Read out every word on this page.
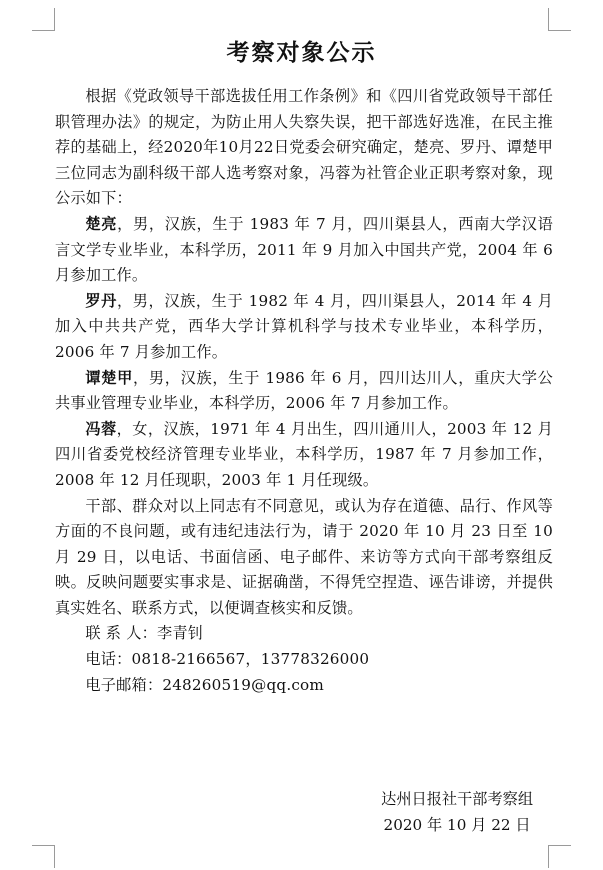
考察对象公示

根据《党政领导干部选拔任用工作条例》和《四川省党政领导干部任职管理办法》的规定，为防止用人失察失误，把干部选好选准，在民主推荐的基础上，经2020年10月22日党委会研究确定，楚亮、罗丹、谭楚甲三位同志为副科级干部人选考察对象，冯蓉为社管企业正职考察对象，现公示如下：

楚亮，男，汉族，生于 1983 年 7 月，四川渠县人，西南大学汉语言文学专业毕业，本科学历，2011 年 9 月加入中国共产党，2004 年 6 月参加工作。

罗丹，男，汉族，生于 1982 年 4 月，四川渠县人，2014 年 4 月加入中共共产党，西华大学计算机科学与技术专业毕业，本科学历，2006 年 7 月参加工作。

谭楚甲，男，汉族，生于 1986 年 6 月，四川达川人，重庆大学公共事业管理专业毕业，本科学历，2006 年 7 月参加工作。

冯蓉，女，汉族，1971 年 4 月出生，四川通川人，2003 年 12 月四川省委党校经济管理专业毕业，本科学历，1987 年 7 月参加工作，2008 年 12 月任现职，2003 年 1 月任现级。

干部、群众对以上同志有不同意见，或认为存在道德、品行、作风等方面的不良问题，或有违纪违法行为，请于 2020 年 10 月 23 日至 10 月 29 日，以电话、书面信函、电子邮件、来访等方式向干部考察组反映。反映问题要实事求是、证据确凿，不得凭空捏造、诬告诽谤，并提供真实姓名、联系方式，以便调查核实和反馈。

联 系 人：李青钊

电话：0818-2166567，13778326000

电子邮箱：248260519@qq.com

达州日报社干部考察组
2020 年 10 月 22 日
